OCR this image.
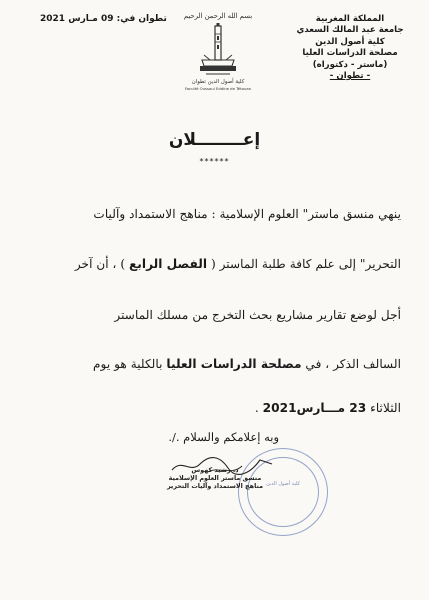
المملكة المغربية
جامعة عبد المالك السعدي
كلية أصول الدين
مصلحة الدراسات العليا
(ماستر - دكتوراه)
- تطوان -
تطوان في: 09 مـارس 2021	بسم الله الرحمن الرحيم
كلية أصول الدين تطوان
Faculté Oussoul Eddine de Tétouan
إعــــــــلان
******
ينهي منسق ماستر" العلوم الإسلامية : مناهج الاستمداد وآليات
التحرير" إلى علم كافة طلبة الماستر ( الفصل الرابع ) ، أن آخر
أجل لوضع تقارير مشاريع بحث التخرج من مسلك الماستر
السالف الذكر ، في مصلحة الدراسات العليا بالكلية هو يوم
الثلاثاء 23 مـــارس2021 .
وبه إعلامكم والسلام ./.
كلية أصول الدين
د. رشيد كهوس
منسق ماستر العلوم الإسلامية
مناهج الاستمداد وآليات التحرير
